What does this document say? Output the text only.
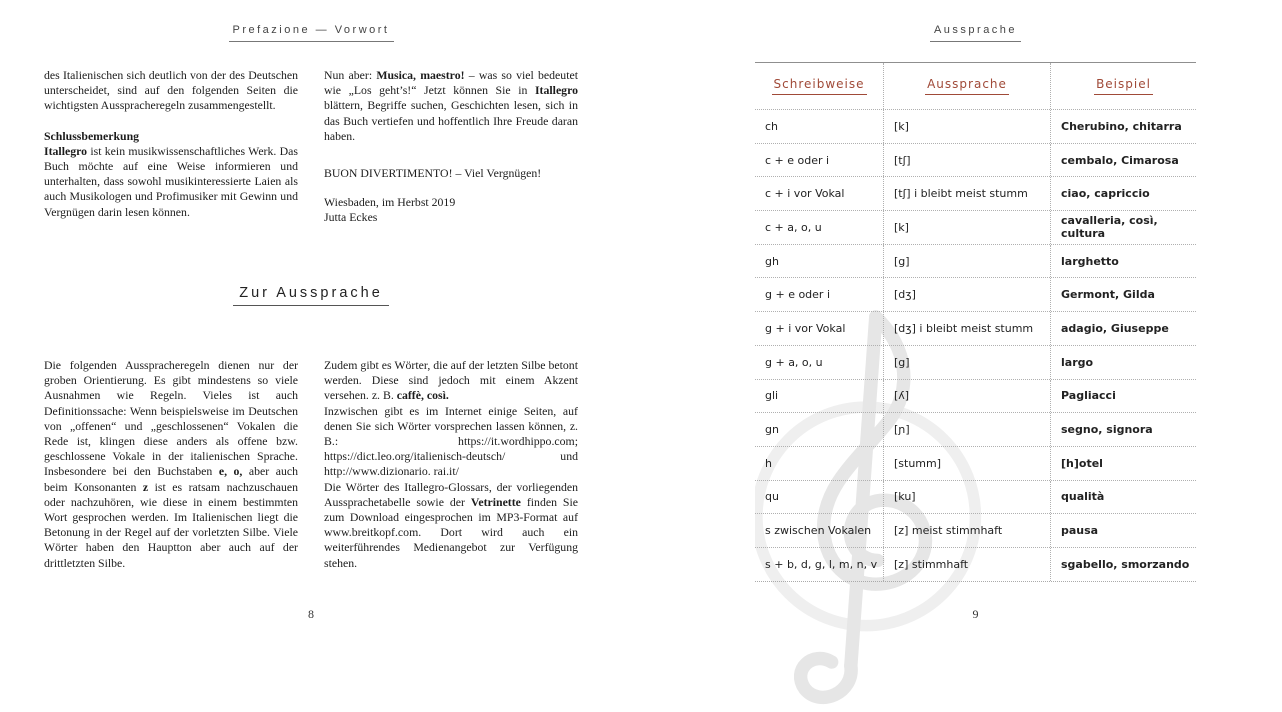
Prefazione — Vorwort

des Italienischen sich deutlich von der des Deutschen unterscheidet, sind auf den folgenden Seiten die wichtigsten Ausspracheregeln zusammengestellt.

Schlussbemerkung

Itallegro ist kein musikwissenschaftliches Werk. Das Buch möchte auf eine Weise informieren und unterhalten, dass sowohl musikinteressierte Laien als auch Musikologen und Profimusiker mit Gewinn und Vergnügen darin lesen können.

Nun aber: Musica, maestro! – was so viel bedeutet wie „Los geht’s!“ Jetzt können Sie in Itallegro blättern, Begriffe suchen, Geschichten lesen, sich in das Buch vertiefen und hoffentlich Ihre Freude daran haben.

BUON DIVERTIMENTO! – Viel Vergnügen!

Wiesbaden, im Herbst 2019

Jutta Eckes

Zur Aussprache

Die folgenden Ausspracheregeln dienen nur der groben Orientierung. Es gibt mindestens so viele Ausnahmen wie Regeln. Vieles ist auch Definitionssache: Wenn beispielsweise im Deutschen von „offenen“ und „geschlossenen“ Vokalen die Rede ist, klingen diese anders als offene bzw. geschlossene Vokale in der italienischen Sprache. Insbesondere bei den Buchstaben e, o, aber auch beim Konsonanten z ist es ratsam nachzuschauen oder nachzuhören, wie diese in einem bestimmten Wort gesprochen werden. Im Italienischen liegt die Betonung in der Regel auf der vorletzten Silbe. Viele Wörter haben den Hauptton aber auch auf der drittletzten Silbe.

Zudem gibt es Wörter, die auf der letzten Silbe betont werden. Diese sind jedoch mit einem Akzent versehen. z. B. caffè, così.

Inzwischen gibt es im Internet einige Seiten, auf denen Sie sich Wörter vorsprechen lassen können, z. B.: https://it.wordhippo.com; https://dict.leo.org/italienisch-deutsch/ und http://www.dizionario. rai.it/

Die Wörter des Itallegro-Glossars, der vorliegenden Aussprachetabelle sowie der Vetrinette finden Sie zum Download eingesprochen im MP3-Format auf www.breitkopf.com. Dort wird auch ein weiterführendes Medienangebot zur Verfügung stehen.

8
Aussprache
Schreibweise	Aussprache	Beispiel
ch	[k]	Cherubino, chitarra
c + e oder i	[tʃ]	cembalo, Cimarosa
c + i vor Vokal	[tʃ] i bleibt meist stumm	ciao, capriccio
c + a, o, u	[k]	cavalleria, così, cultura
gh	[g]	larghetto
g + e oder i	[dʒ]	Germont, Gilda
g + i vor Vokal	[dʒ] i bleibt meist stumm	adagio, Giuseppe
g + a, o, u	[g]	largo
gli	[ʎ]	Pagliacci
gn	[ɲ]	segno, signora
h	[stumm]	[h]otel
qu	[ku]	qualità
s zwischen Vokalen	[z] meist stimmhaft	pausa
s + b, d, g, l, m, n, v	[z] stimmhaft	sgabello, smorzando
9
